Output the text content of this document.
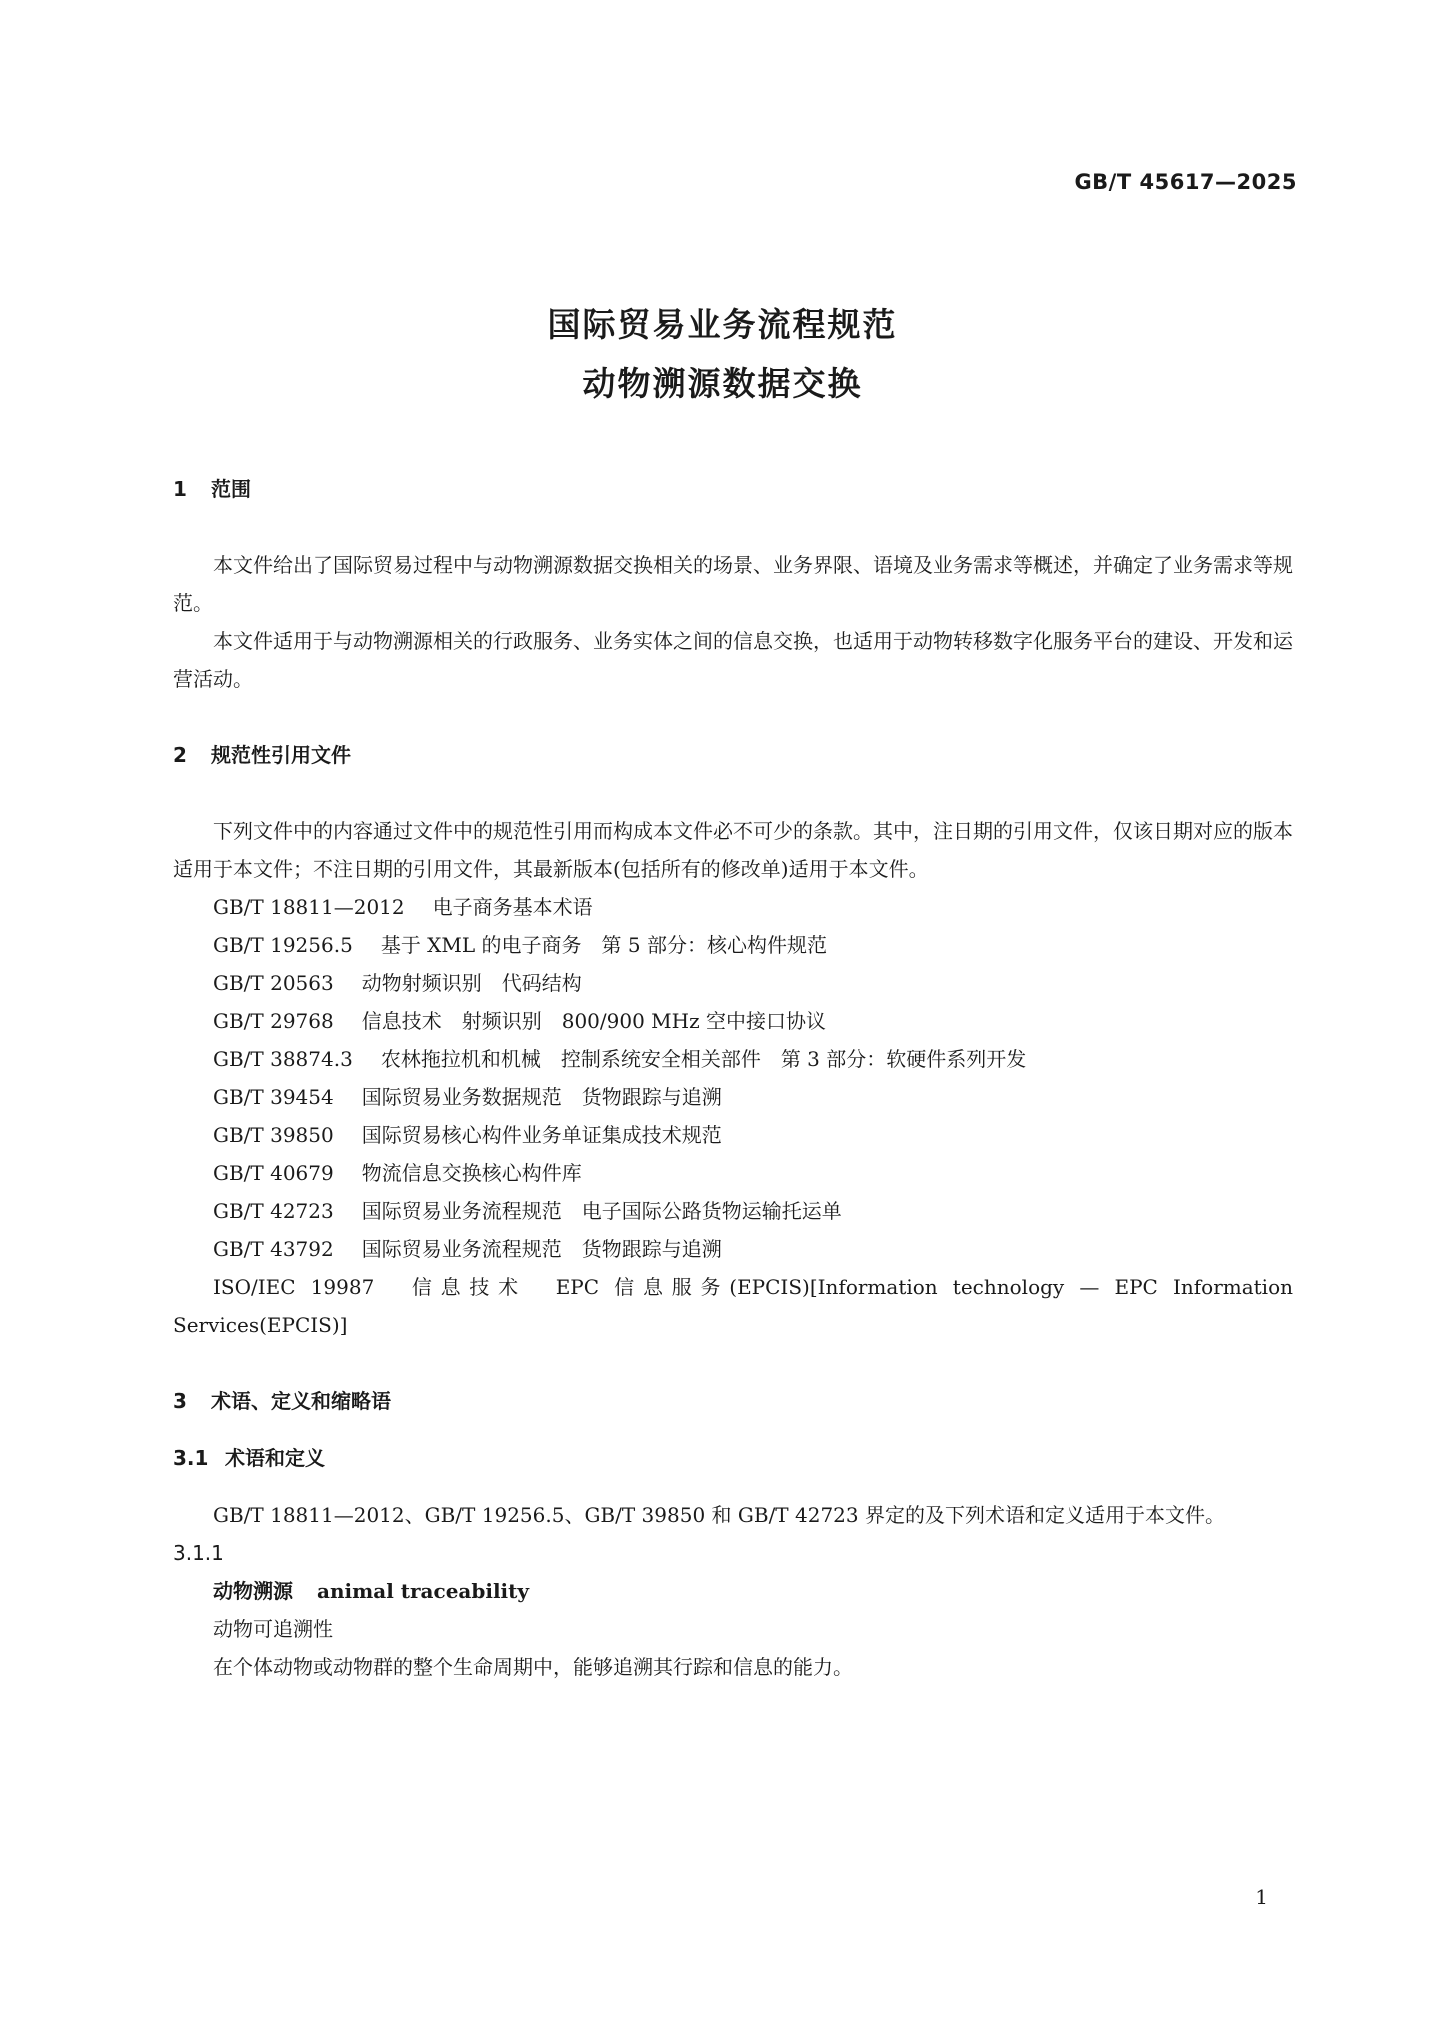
GB/T 45617—2025
国际贸易业务流程规范
动物溯源数据交换
1 范围

本文件给出了国际贸易过程中与动物溯源数据交换相关的场景、业务界限、语境及业务需求等概述，并确定了业务需求等规范。

本文件适用于与动物溯源相关的行政服务、业务实体之间的信息交换，也适用于动物转移数字化服务平台的建设、开发和运营活动。

2 规范性引用文件

下列文件中的内容通过文件中的规范性引用而构成本文件必不可少的条款。其中，注日期的引用文件，仅该日期对应的版本适用于本文件；不注日期的引用文件，其最新版本(包括所有的修改单)适用于本文件。

GB/T 18811—2012 电子商务基本术语
GB/T 19256.5 基于 XML 的电子商务　第 5 部分：核心构件规范
GB/T 20563 动物射频识别　代码结构
GB/T 29768 信息技术　射频识别　800/900 MHz 空中接口协议
GB/T 38874.3 农林拖拉机和机械　控制系统安全相关部件　第 3 部分：软硬件系列开发
GB/T 39454 国际贸易业务数据规范　货物跟踪与追溯
GB/T 39850 国际贸易核心构件业务单证集成技术规范
GB/T 40679 物流信息交换核心构件库
GB/T 42723 国际贸易业务流程规范　电子国际公路货物运输托运单
GB/T 43792 国际贸易业务流程规范　货物跟踪与追溯

ISO/IEC 19987　信息技术　EPC 信息服务(EPCIS)[Information technology — EPC Information Services(EPCIS)]

3 术语、定义和缩略语
3.1 术语和定义

GB/T 18811—2012、GB/T 19256.5、GB/T 39850 和 GB/T 42723 界定的及下列术语和定义适用于本文件。

3.1.1
动物溯源 animal traceability
动物可追溯性
在个体动物或动物群的整个生命周期中，能够追溯其行踪和信息的能力。
1
